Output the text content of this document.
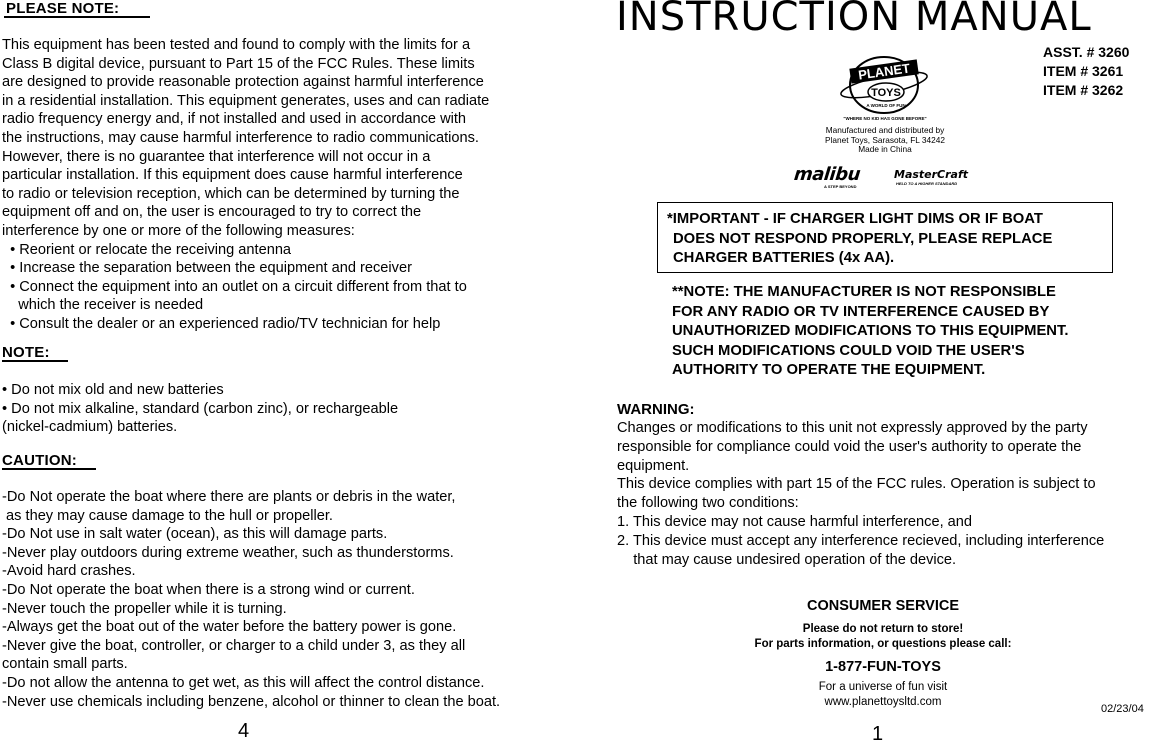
PLEASE NOTE:
This equipment has been tested and found to comply with the limits for a
Class B digital device, pursuant to Part 15 of the FCC Rules. These limits
are designed to provide reasonable protection against harmful interference
in a residential installation. This equipment generates, uses and can radiate
radio frequency energy and, if not installed and used in accordance with
the instructions, may cause harmful interference to radio communications.
However, there is no guarantee that interference will not occur in a
particular installation. If this equipment does cause harmful interference
to radio or television reception, which can be determined by turning the
equipment off and on, the user is encouraged to try to correct the
interference by one or more of the following measures:
• Reorient or relocate the receiving antenna
• Increase the separation between the equipment and receiver
• Connect the equipment into an outlet on a circuit different from that to
which the receiver is needed
• Consult the dealer or an experienced radio/TV technician for help
NOTE:
• Do not mix old and new batteries
• Do not mix alkaline, standard (carbon zinc), or rechargeable
(nickel-cadmium) batteries.
CAUTION:
-Do Not operate the boat where there are plants or debris in the water,
as they may cause damage to the hull or propeller.
-Do Not use in salt water (ocean), as this will damage parts.
-Never play outdoors during extreme weather, such as thunderstorms.
-Avoid hard crashes.
-Do Not operate the boat when there is a strong wind or current.
-Never touch the propeller while it is turning.
-Always get the boat out of the water before the battery power is gone.
-Never give the boat, controller, or charger to a child under 3, as they all
contain small parts.
-Do not allow the antenna to get wet, as this will affect the control distance.
-Never use chemicals including benzene, alcohol or thinner to clean the boat.
4
INSTRUCTION MANUAL
ASST. # 3260
ITEM # 3261
ITEM # 3262
PLANET
TOYS
A WORLD OF FUN
"WHERE NO KID HAS GONE BEFORE"
Manufactured and distributed by
Planet Toys, Sarasota, FL 34242
Made in China
malibu
A STEP BEYOND
MasterCraft
HELD TO A HIGHER STANDARD
*IMPORTANT - IF CHARGER LIGHT DIMS OR IF BOAT
DOES NOT RESPOND PROPERLY, PLEASE REPLACE
CHARGER BATTERIES (4x AA).
**NOTE: THE MANUFACTURER IS NOT RESPONSIBLE
FOR ANY RADIO OR TV INTERFERENCE CAUSED BY
UNAUTHORIZED MODIFICATIONS TO THIS EQUIPMENT.
SUCH MODIFICATIONS COULD VOID THE USER'S
AUTHORITY TO OPERATE THE EQUIPMENT.
WARNING:
Changes or modifications to this unit not expressly approved by the party
responsible for compliance could void the user's authority to operate the
equipment.
This device complies with part 15 of the FCC rules. Operation is subject to
the following two conditions:
1. This device may not cause harmful interference, and
2. This device must accept any interference recieved, including interference
that may cause undesired operation of the device.
CONSUMER SERVICE
Please do not return to store!
For parts information, or questions please call:
1-877-FUN-TOYS
For a universe of fun visit
www.planettoysltd.com
02/23/04
1
